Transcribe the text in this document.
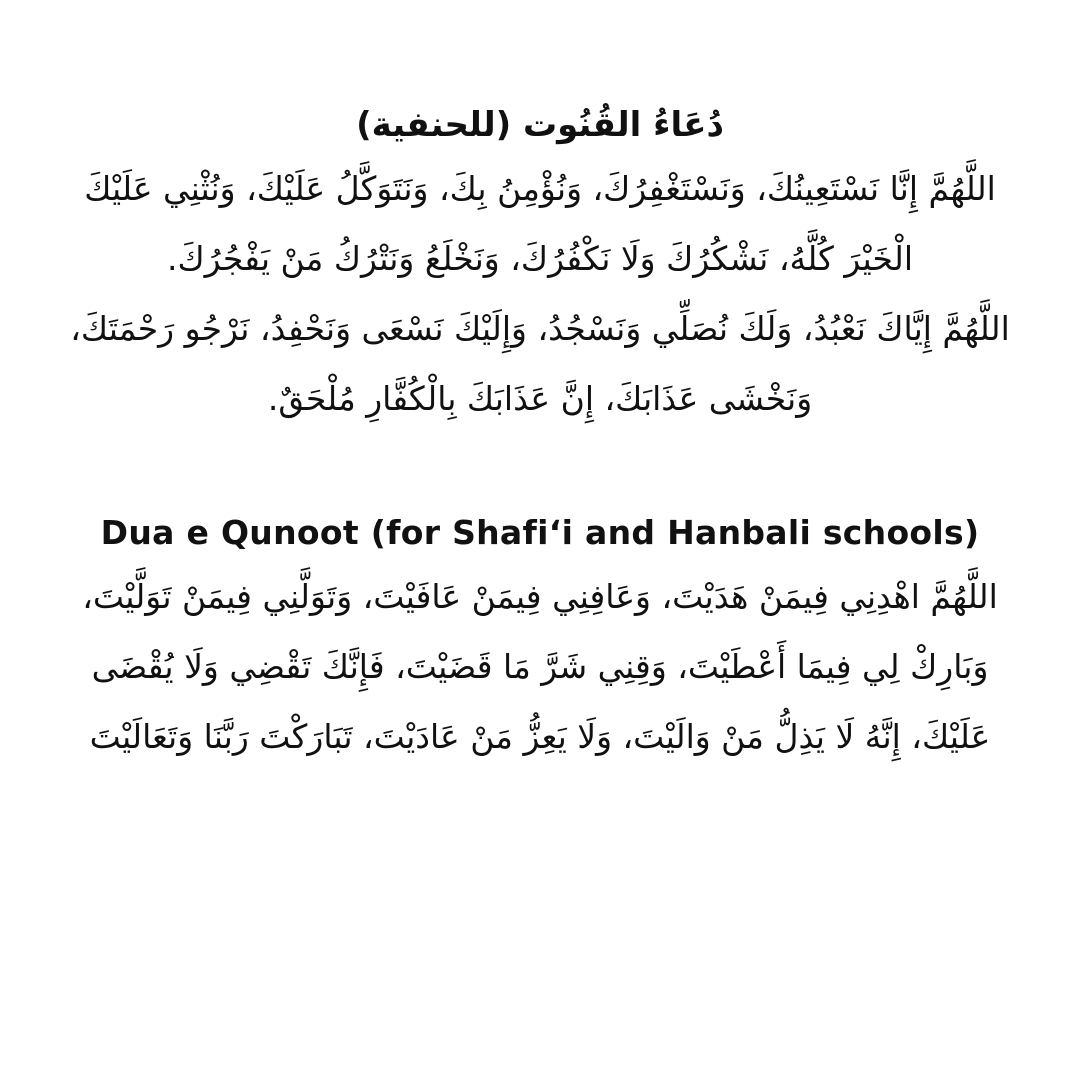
دُعَاءُ القُنُوت (للحنفية)

اللَّهُمَّ إِنَّا نَسْتَعِينُكَ، وَنَسْتَغْفِرُكَ، وَنُؤْمِنُ بِكَ، وَنَتَوَكَّلُ عَلَيْكَ، وَنُثْنِي عَلَيْكَ الْخَيْرَ كُلَّهُ، نَشْكُرُكَ وَلَا نَكْفُرُكَ، وَنَخْلَعُ وَنَتْرُكُ مَنْ يَفْجُرُكَ.

اللَّهُمَّ إِيَّاكَ نَعْبُدُ، وَلَكَ نُصَلِّي وَنَسْجُدُ، وَإِلَيْكَ نَسْعَى وَنَحْفِدُ، نَرْجُو رَحْمَتَكَ، وَنَخْشَى عَذَابَكَ، إِنَّ عَذَابَكَ بِالْكُفَّارِ مُلْحَقٌ.

Dua e Qunoot (for Shafi‘i and Hanbali schools)

اللَّهُمَّ اهْدِنِي فِيمَنْ هَدَيْتَ، وَعَافِنِي فِيمَنْ عَافَيْتَ، وَتَوَلَّنِي فِيمَنْ تَوَلَّيْتَ، وَبَارِكْ لِي فِيمَا أَعْطَيْتَ، وَقِنِي شَرَّ مَا قَضَيْتَ، فَإِنَّكَ تَقْضِي وَلَا يُقْضَى عَلَيْكَ، إِنَّهُ لَا يَذِلُّ مَنْ وَالَيْتَ، وَلَا يَعِزُّ مَنْ عَادَيْتَ، تَبَارَكْتَ رَبَّنَا وَتَعَالَيْتَ
